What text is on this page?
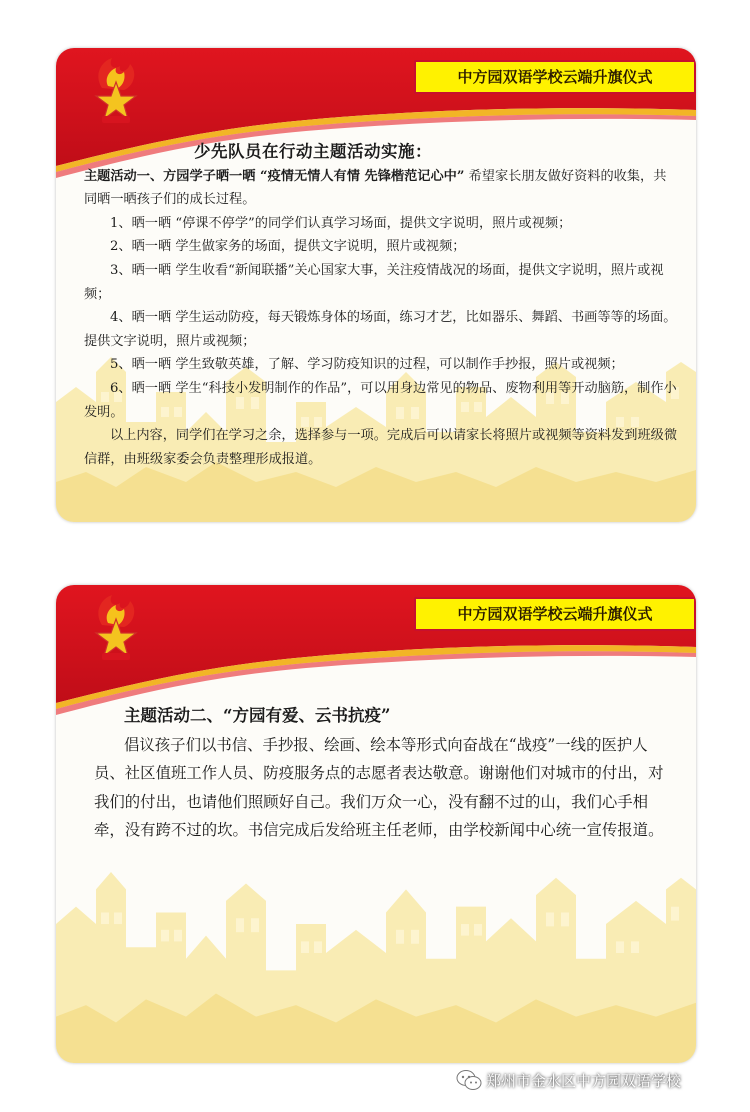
中方园双语学校云端升旗仪式
少先队员在行动主题活动实施：

主题活动一、方园学子晒一晒 “疫情无情人有情 先锋楷范记心中” 希望家长朋友做好资料的收集，共同晒一晒孩子们的成长过程。

1、晒一晒 “停课不停学”的同学们认真学习场面，提供文字说明，照片或视频；

2、晒一晒 学生做家务的场面，提供文字说明，照片或视频；

3、晒一晒 学生收看“新闻联播”关心国家大事，关注疫情战况的场面，提供文字说明，照片或视频；

4、晒一晒 学生运动防疫，每天锻炼身体的场面，练习才艺，比如器乐、舞蹈、书画等等的场面。提供文字说明，照片或视频；

5、晒一晒 学生致敬英雄，了解、学习防疫知识的过程，可以制作手抄报，照片或视频；

6、晒一晒 学生“科技小发明制作的作品”，可以用身边常见的物品、废物利用等开动脑筋，制作小发明。

以上内容，同学们在学习之余，选择参与一项。完成后可以请家长将照片或视频等资料发到班级微信群，由班级家委会负责整理形成报道。

中方园双语学校云端升旗仪式
主题活动二、“方园有爱、云书抗疫”

倡议孩子们以书信、手抄报、绘画、绘本等形式向奋战在“战疫”一线的医护人员、社区值班工作人员、防疫服务点的志愿者表达敬意。谢谢他们对城市的付出，对我们的付出，也请他们照顾好自己。我们万众一心，没有翻不过的山，我们心手相牵，没有跨不过的坎。书信完成后发给班主任老师，由学校新闻中心统一宣传报道。

郑州市金水区中方园双语学校
